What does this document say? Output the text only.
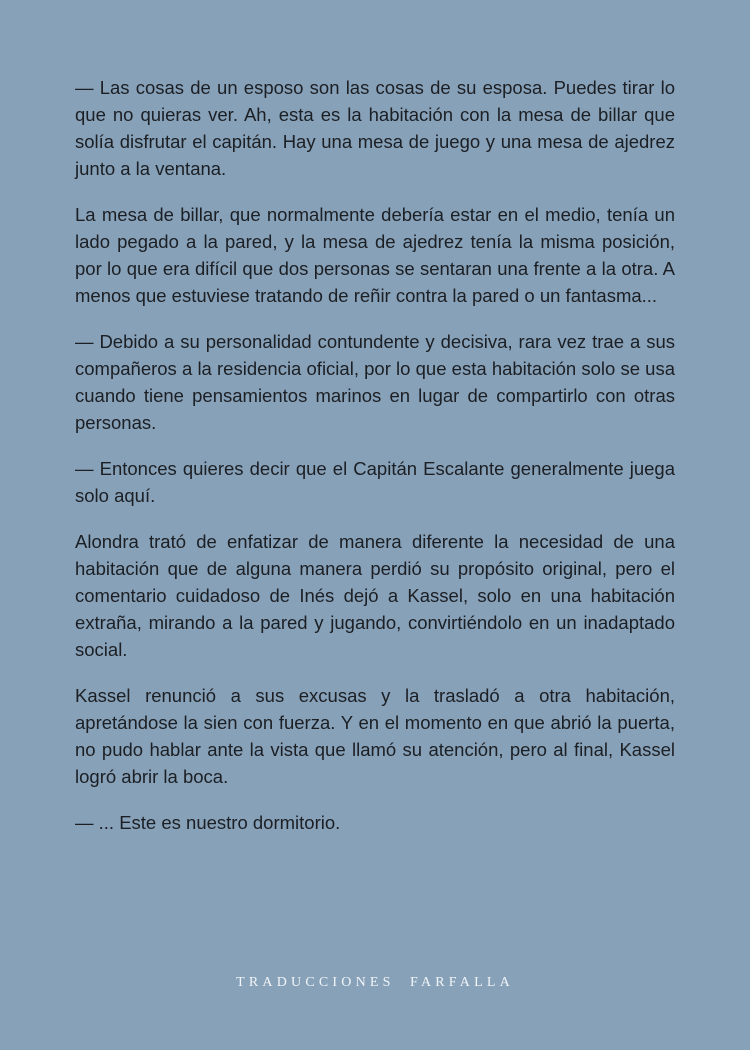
— Las cosas de un esposo son las cosas de su esposa. Puedes tirar lo que no quieras ver. Ah, esta es la habitación con la mesa de billar que solía disfrutar el capitán. Hay una mesa de juego y una mesa de ajedrez junto a la ventana.

La mesa de billar, que normalmente debería estar en el medio, tenía un lado pegado a la pared, y la mesa de ajedrez tenía la misma posición, por lo que era difícil que dos personas se sentaran una frente a la otra. A menos que estuviese tratando de reñir contra la pared o un fantasma...

— Debido a su personalidad contundente y decisiva, rara vez trae a sus compañeros a la residencia oficial, por lo que esta habitación solo se usa cuando tiene pensamientos marinos en lugar de compartirlo con otras personas.

— Entonces quieres decir que el Capitán Escalante generalmente juega solo aquí.

Alondra trató de enfatizar de manera diferente la necesidad de una habitación que de alguna manera perdió su propósito original, pero el comentario cuidadoso de Inés dejó a Kassel, solo en una habitación extraña, mirando a la pared y jugando, convirtiéndolo en un inadaptado social.

Kassel renunció a sus excusas y la trasladó a otra habitación, apretándose la sien con fuerza. Y en el momento en que abrió la puerta, no pudo hablar ante la vista que llamó su atención, pero al final, Kassel logró abrir la boca.

— ... Este es nuestro dormitorio.

TRADUCCIONES  FARFALLA
